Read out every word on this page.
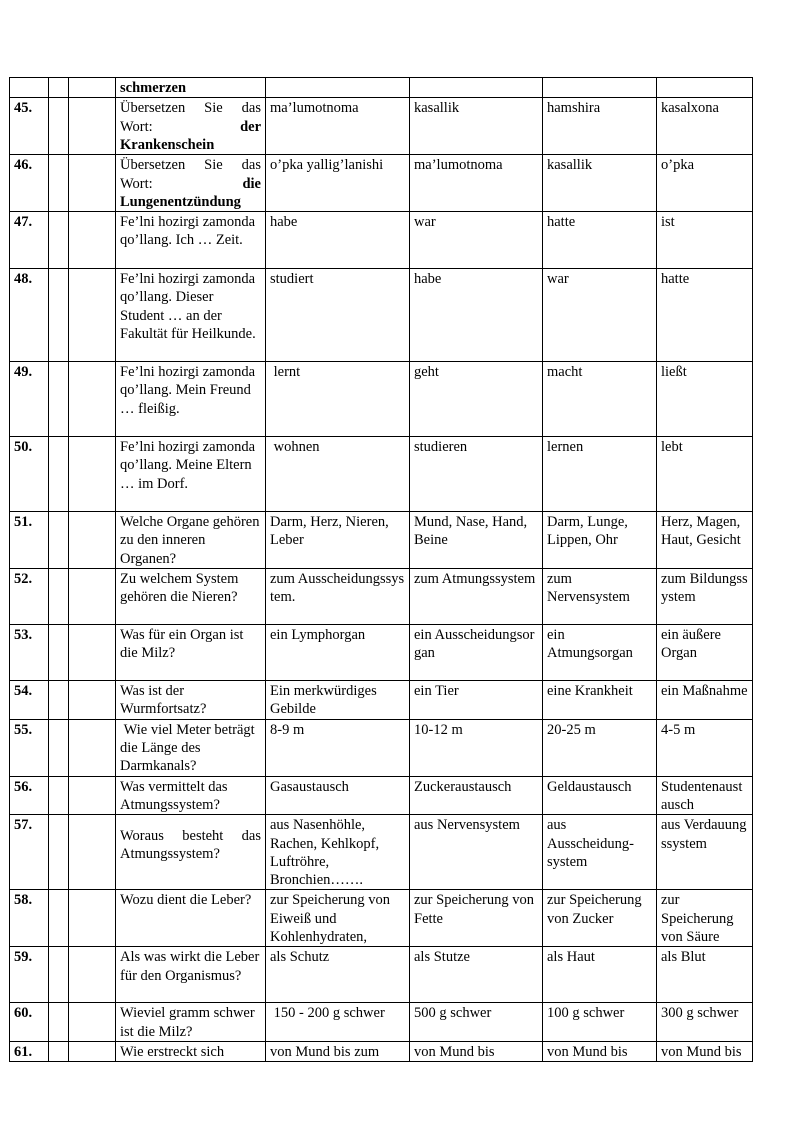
			schmerzen				
45.			Übersetzen Sie das Wort: der Krankenschein	ma’lumotnoma	kasallik	hamshira	kasalxona
46.			Übersetzen Sie das Wort: die Lungenentzündung	o’pka yallig’lanishi	ma’lumotnoma	kasallik	o’pka
47.			Fe’lni hozirgi zamonda qo’llang. Ich … Zeit.	habe	war	hatte	ist
48.			Fe’lni hozirgi zamonda qo’llang. Dieser Student … an der Fakultät für Heilkunde.	studiert	habe	war	hatte
49.			Fe’lni hozirgi zamonda qo’llang. Mein Freund … fleißig.	lernt	geht	macht	ließt
50.			Fe’lni hozirgi zamonda qo’llang. Meine Eltern … im Dorf.	wohnen	studieren	lernen	lebt
51.			Welche Organe gehören zu den inneren Organen?	Darm, Herz, Nieren, Leber	Mund, Nase, Hand, Beine	Darm, Lunge, Lippen, Ohr	Herz, Magen, Haut, Gesicht
52.			Zu welchem System gehören die Nieren?	zum Ausscheidungssystem.	zum Atmungssystem	zum Nervensystem	zum Bildungssystem
53.			Was für ein Organ ist die Milz?	ein Lymphorgan	ein Ausscheidungsorgan	ein Atmungsorgan	ein äußere Organ
54.			Was ist der Wurmfortsatz?	Ein merkwürdiges Gebilde	ein Tier	eine Krankheit	ein Maßnahme
55.			Wie viel Meter beträgt die Länge des Darmkanals?	8-9 m	10-12 m	20-25 m	4-5 m
56.			Was vermittelt das Atmungssystem?	Gasaustausch	Zuckeraustausch	Geldaustausch	Studentenaustausch
57.			Woraus besteht das Atmungssystem?	aus Nasenhöhle, Rachen, Kehlkopf, Luftröhre, Bronchien…….	aus Nervensystem	aus Ausscheidung-system	aus Verdauungssystem
58.			Wozu dient die Leber?	zur Speicherung von Eiweiß und Kohlenhydraten,	zur Speicherung von Fette	zur Speicherung von Zucker	zur Speicherung von Säure
59.			Als was wirkt die Leber für den Organismus?	als Schutz	als Stutze	als Haut	als Blut
60.			Wieviel gramm schwer ist die Milz?	150 - 200 g schwer	500 g schwer	100 g schwer	300 g schwer
61.			Wie erstreckt sich	von Mund bis zum	von Mund bis	von Mund bis	von Mund bis
